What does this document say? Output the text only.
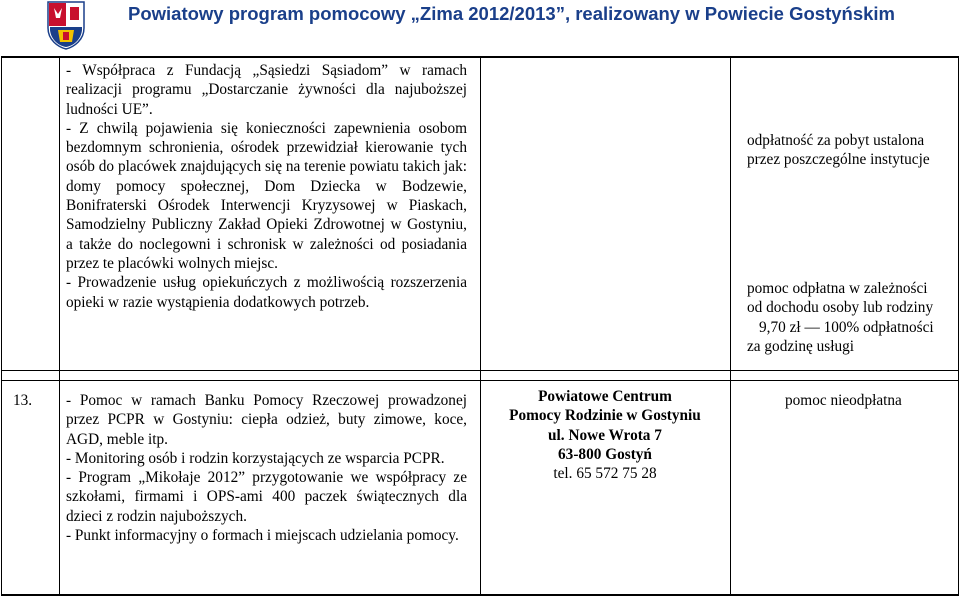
Powiatowy program pomocowy „Zima 2012/2013”, realizowany w Powiecie Gostyńskim

- Współpraca z Fundacją „Sąsiedzi Sąsiadom” w ramach realizacji programu „Dostarczanie żywności dla najuboższej ludności UE”.

- Z chwilą pojawienia się konieczności zapewnienia osobom bezdomnym schronienia, ośrodek przewidział kierowanie tych osób do placówek znajdujących się na terenie powiatu takich jak: domy pomocy społecznej, Dom Dziecka w Bodzewie, Bonifraterski Ośrodek Interwencji Kryzysowej w Piaskach, Samodzielny Publiczny Zakład Opieki Zdrowotnej w Gostyniu, a także do noclegowni i schronisk w zależności od posiadania przez te placówki wolnych miejsc.

- Prowadzenie usług opiekuńczych z możliwością rozszerzenia opieki w razie wystąpienia dodatkowych potrzeb.

odpłatność za pobyt ustalona przez poszczególne instytucje

pomoc odpłatna w zależności

od dochodu osoby lub rodziny

9,70 zł — 100% odpłatności

za godzinę usługi

13. - Pomoc w ramach Banku Pomocy Rzeczowej prowadzonej przez PCPR w Gostyniu: ciepła odzież, buty zimowe, koce, AGD, meble itp.

- Monitoring osób i rodzin korzystających ze wsparcia PCPR.

- Program „Mikołaje 2012” przygotowanie we współpracy ze szkołami, firmami i OPS-ami 400 paczek świątecznych dla dzieci z rodzin najuboższych.

- Punkt informacyjny o formach i miejscach udzielania pomocy.

Powiatowe Centrum

Pomocy Rodzinie w Gostyniu

ul. Nowe Wrota 7

63-800 Gostyń

tel. 65 572 75 28

pomoc nieodpłatna
